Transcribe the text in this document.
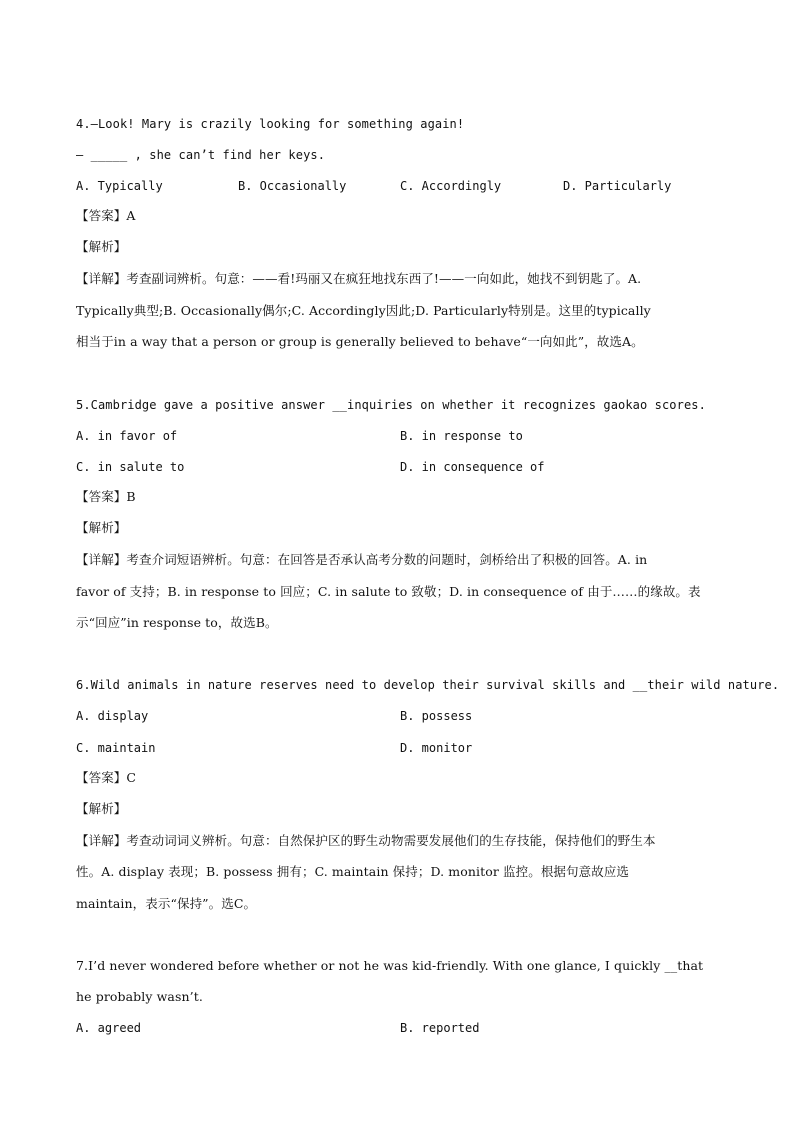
4.—Look! Mary is crazily looking for something again!
— _____ , she can’t find her keys.
A. Typically	B. Occasionally	C. Accordingly	D. Particularly
【答案】A
【解析】
【详解】考查副词辨析。句意：——看!玛丽又在疯狂地找东西了!——一向如此，她找不到钥匙了。A.
Typically典型;B. Occasionally偶尔;C. Accordingly因此;D. Particularly特别是。这里的typically
相当于in a way that a person or group is generally believed to behave“一向如此”，故选A。
5.Cambridge gave a positive answer __inquiries on whether it recognizes gaokao scores.
A. in favor of	B. in response to
C. in salute to	D. in consequence of
【答案】B
【解析】
【详解】考查介词短语辨析。句意：在回答是否承认高考分数的问题时，剑桥给出了积极的回答。A. in
favor of 支持；B. in response to 回应；C. in salute to 致敬；D. in consequence of 由于……的缘故。表
示“回应”in response to，故选B。
6.Wild animals in nature reserves need to develop their survival skills and __their wild nature.
A. display	B. possess
C. maintain	D. monitor
【答案】C
【解析】
【详解】考查动词词义辨析。句意：自然保护区的野生动物需要发展他们的生存技能，保持他们的野生本
性。A. display 表现；B. possess 拥有；C. maintain 保持；D. monitor 监控。根据句意故应选
maintain，表示“保持”。选C。
7.I’d never wondered before whether or not he was kid-friendly. With one glance, I quickly __that
he probably wasn’t.
A. agreed	B. reported
